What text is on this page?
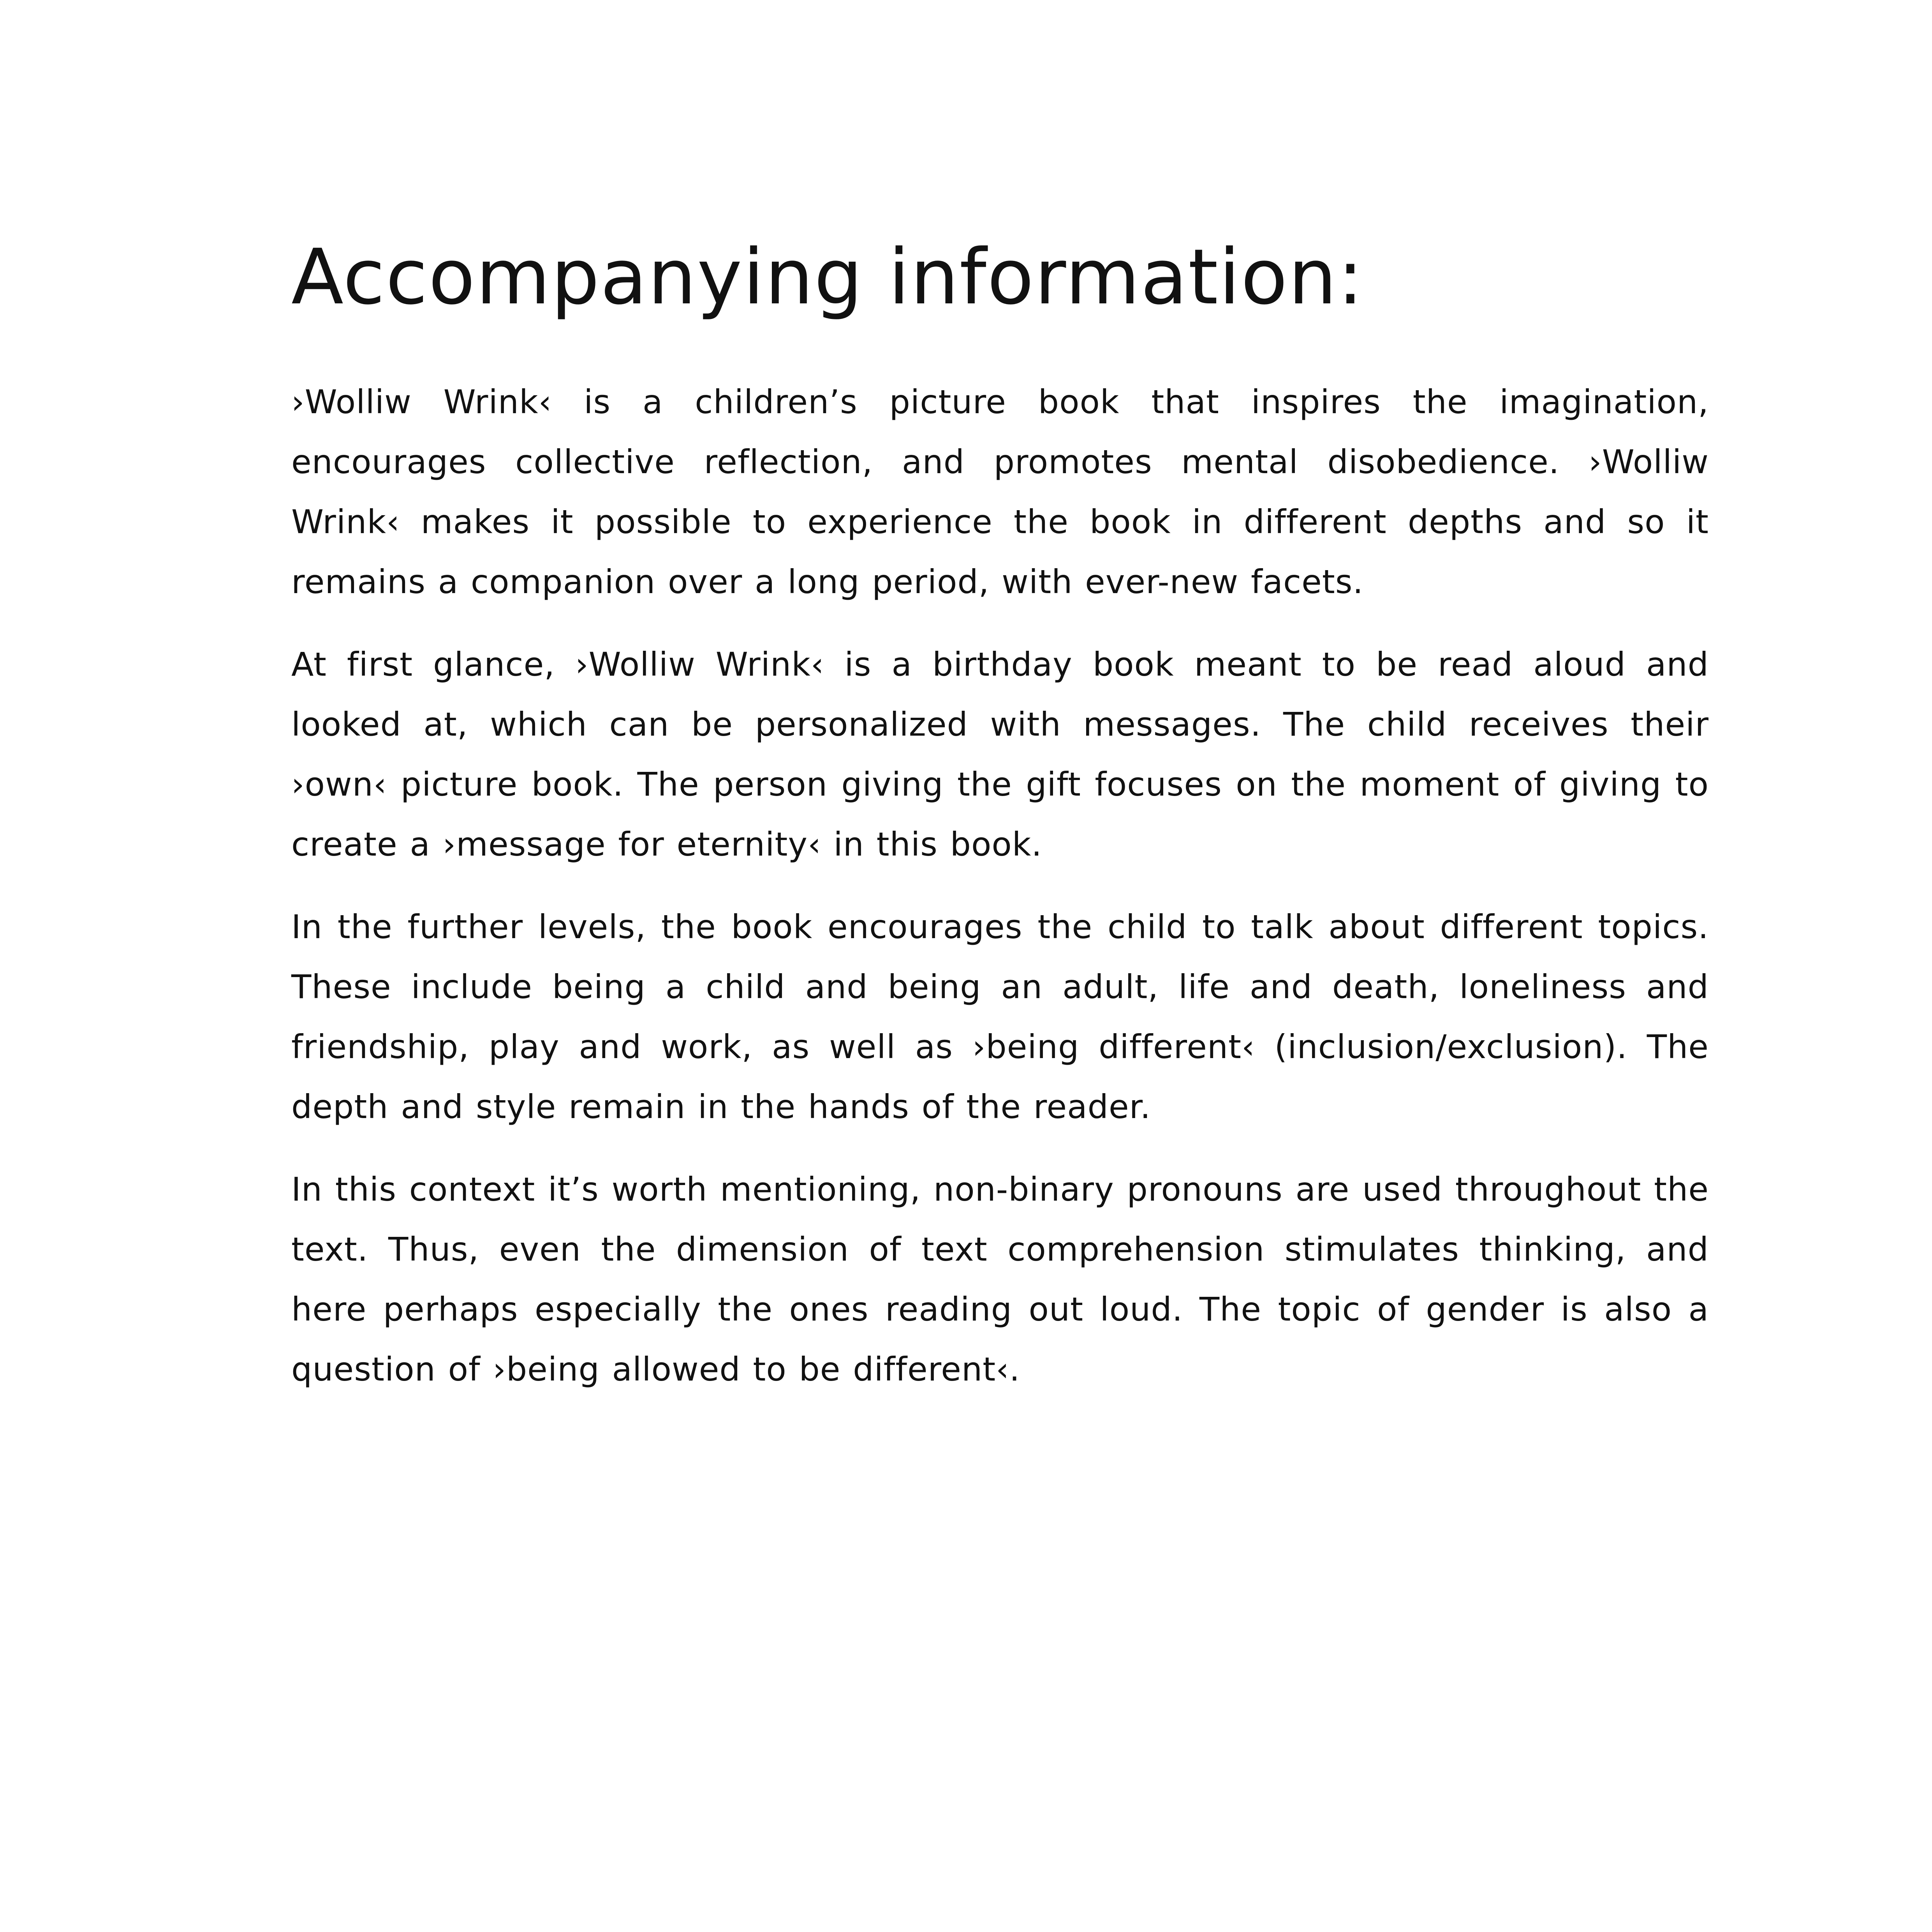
Accompanying information:

›Wolliw Wrink‹ is a children’s picture book that inspires the imagination, encourages collective reflection, and promotes mental disobedience. ›Wolliw Wrink‹ makes it possible to experience the book in different depths and so it remains a companion over a long period, with ever-new facets.

At first glance, ›Wolliw Wrink‹ is a birthday book meant to be read aloud and looked at, which can be personalized with messages. The child receives their ›own‹ picture book. The person giving the gift focuses on the moment of giving to create a ›message for eternity‹ in this book.

In the further levels, the book encourages the child to talk about different topics. These include being a child and being an adult, life and death, loneliness and friendship, play and work, as well as ›being different‹ (inclusion/exclusion). The depth and style remain in the hands of the reader.

In this context it’s worth mentioning, non-binary pronouns are used throughout the text. Thus, even the dimension of text comprehension stimulates thinking, and here perhaps especially the ones reading out loud. The topic of gender is also a question of ›being allowed to be different‹.
